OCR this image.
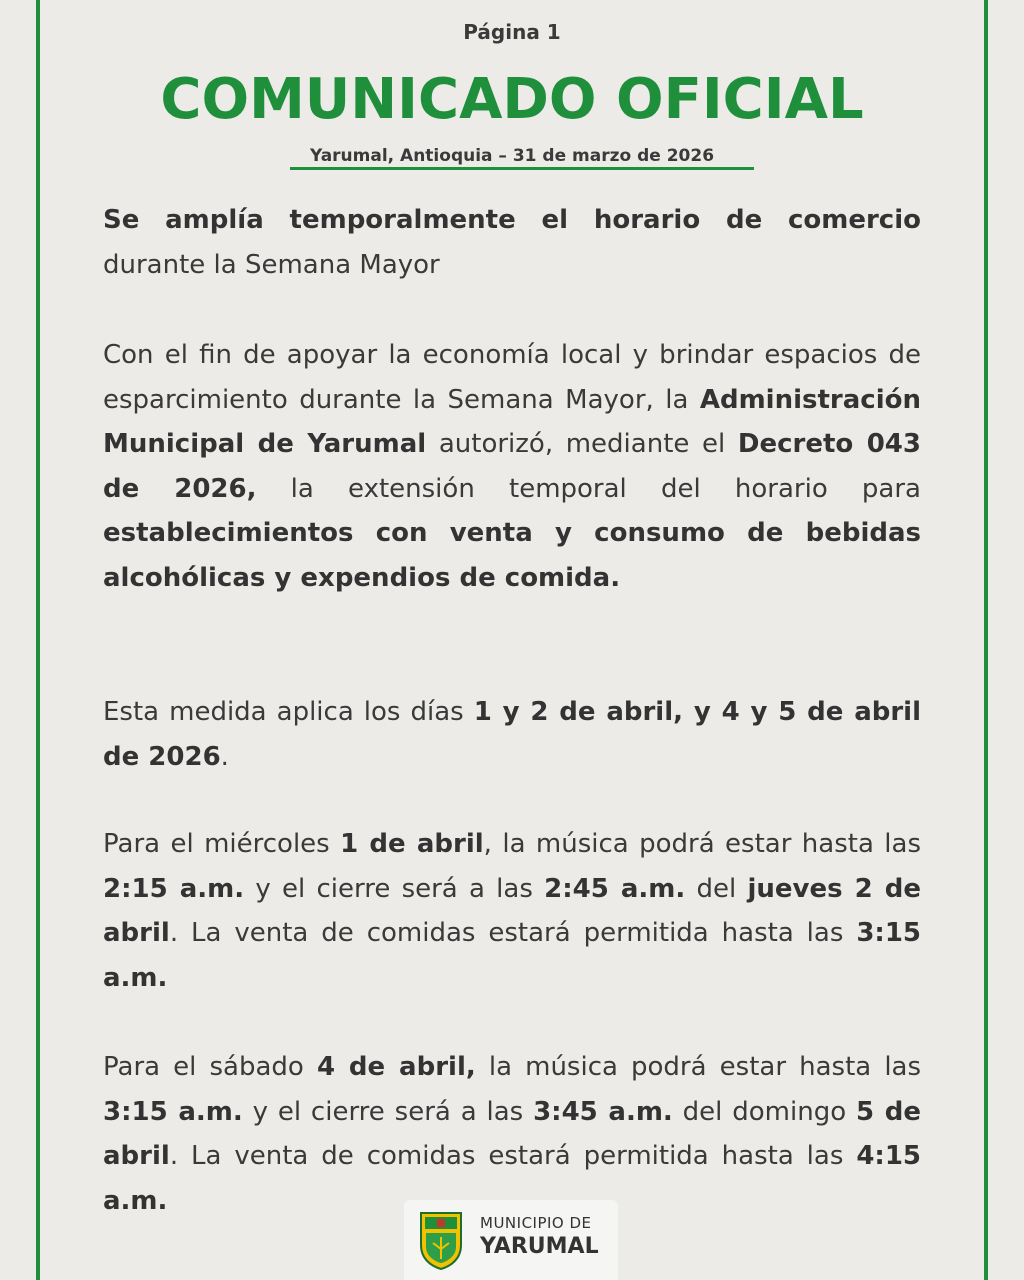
Página 1
COMUNICADO OFICIAL
Yarumal, Antioquia – 31 de marzo de 2026
Se amplía temporalmente el horario de comercio durante la Semana Mayor
Con el fin de apoyar la economía local y brindar espacios de esparcimiento durante la Semana Mayor, la Administración Municipal de Yarumal autorizó, mediante el Decreto 043 de 2026, la extensión temporal del horario para establecimientos con venta y consumo de bebidas alcohólicas y expendios de comida.
Esta medida aplica los días 1 y 2 de abril, y 4 y 5 de abril de 2026.
Para el miércoles 1 de abril, la música podrá estar hasta las 2:15 a.m. y el cierre será a las 2:45 a.m. del jueves 2 de abril. La venta de comidas estará permitida hasta las 3:15 a.m.
Para el sábado 4 de abril, la música podrá estar hasta las 3:15 a.m. y el cierre será a las 3:45 a.m. del domingo 5 de abril. La venta de comidas estará permitida hasta las 4:15 a.m.
MUNICIPIO DE
YARUMAL
